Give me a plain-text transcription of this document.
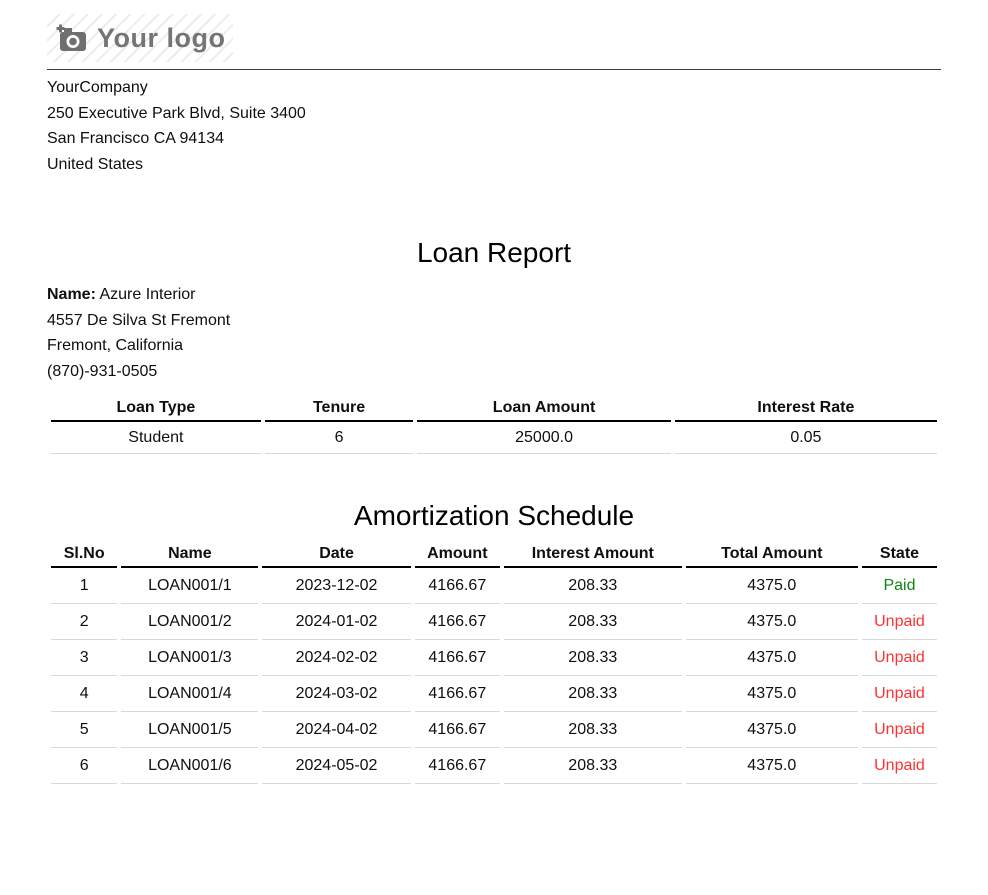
Your logo
YourCompany
250 Executive Park Blvd, Suite 3400
San Francisco CA 94134
United States
Loan Report
Name: Azure Interior
4557 De Silva St Fremont
Fremont, California
(870)-931-0505
Loan Type	Tenure	Loan Amount	Interest Rate
Student	6	25000.0	0.05
Amortization Schedule
Sl.No	Name	Date	Amount	Interest Amount	Total Amount	State
1	LOAN001/1	2023-12-02	4166.67	208.33	4375.0	Paid
2	LOAN001/2	2024-01-02	4166.67	208.33	4375.0	Unpaid
3	LOAN001/3	2024-02-02	4166.67	208.33	4375.0	Unpaid
4	LOAN001/4	2024-03-02	4166.67	208.33	4375.0	Unpaid
5	LOAN001/5	2024-04-02	4166.67	208.33	4375.0	Unpaid
6	LOAN001/6	2024-05-02	4166.67	208.33	4375.0	Unpaid
